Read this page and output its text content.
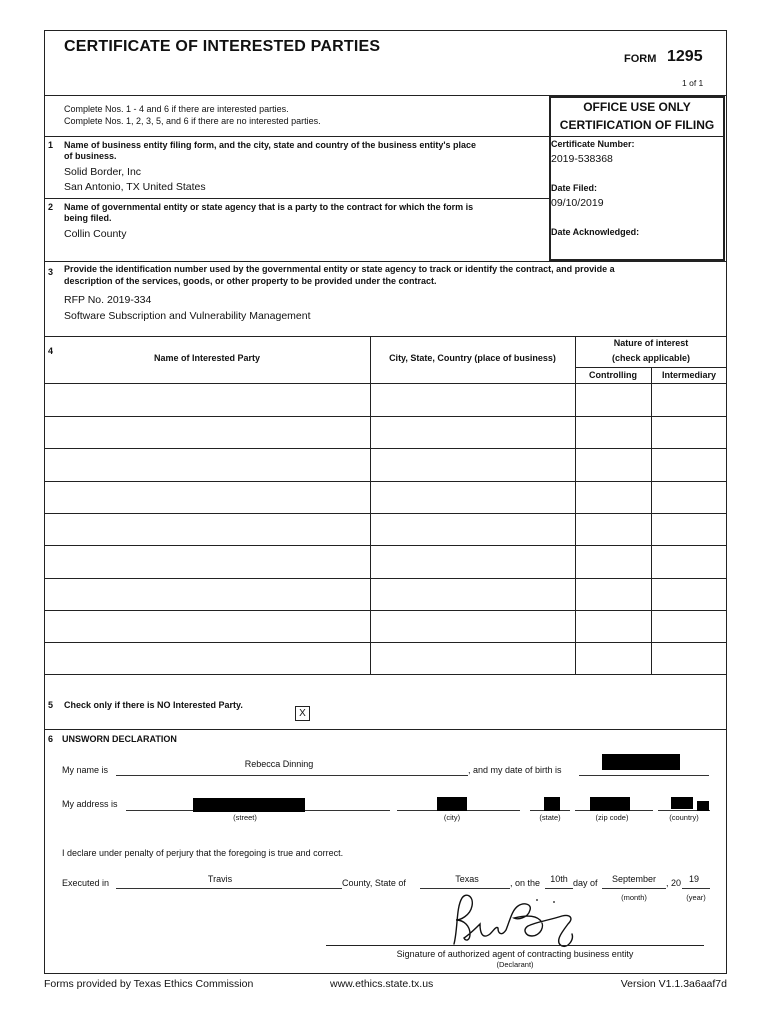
CERTIFICATE OF INTERESTED PARTIES
FORM 1295
1 of 1
Complete Nos. 1 - 4 and 6 if there are interested parties.
Complete Nos. 1, 2, 3, 5, and 6 if there are no interested parties.
OFFICE USE ONLY
CERTIFICATION OF FILING
Certificate Number:
2019-538368
Date Filed:
09/10/2019
Date Acknowledged:
1 Name of business entity filing form, and the city, state and country of the business entity's place
of business.
Solid Border, Inc
San Antonio, TX United States
2 Name of governmental entity or state agency that is a party to the contract for which the form is
being filed.
Collin County
3 Provide the identification number used by the governmental entity or state agency to track or identify the contract, and provide a
description of the services, goods, or other property to be provided under the contract.
RFP No. 2019-334
Software Subscription and Vulnerability Management
4
Name of Interested Party	City, State, Country (place of business)
Nature of interest
(check applicable)
Controlling	Intermediary
5 Check only if there is NO Interested Party.
X
6 UNSWORN DECLARATION
My name is
Rebecca Dinning
, and my date of birth is
My address is
(street)	(city)	(state)	(zip code)	(country)
I declare under penalty of perjury that the foregoing is true and correct.
Executed in	Travis	County, State of	Texas	, on the	10th day of	September	, 20 19
(month)	(year)
Signature of authorized agent of contracting business entity
(Declarant)
Forms provided by Texas Ethics Commission	www.ethics.state.tx.us	Version V1.1.3a6aaf7d
